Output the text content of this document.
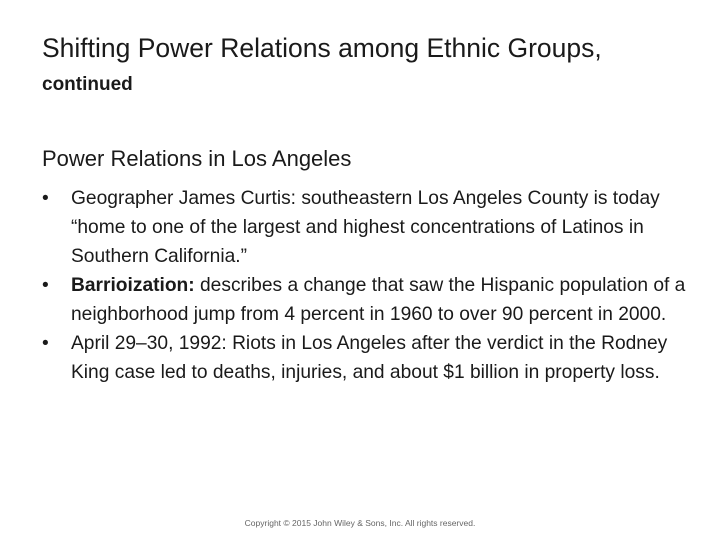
Shifting Power Relations among Ethnic Groups, continued
Power Relations in Los Angeles
•	Geographer James Curtis: southeastern Los Angeles County is today “home to one of the largest and highest concentrations of Latinos in Southern California.”
•	Barrioization: describes a change that saw the Hispanic population of a neighborhood jump from 4 percent in 1960 to over 90 percent in 2000.
•	April 29–30, 1992: Riots in Los Angeles after the verdict in the Rodney King case led to deaths, injuries, and about $1 billion in property loss.
Copyright © 2015 John Wiley & Sons, Inc. All rights reserved.
